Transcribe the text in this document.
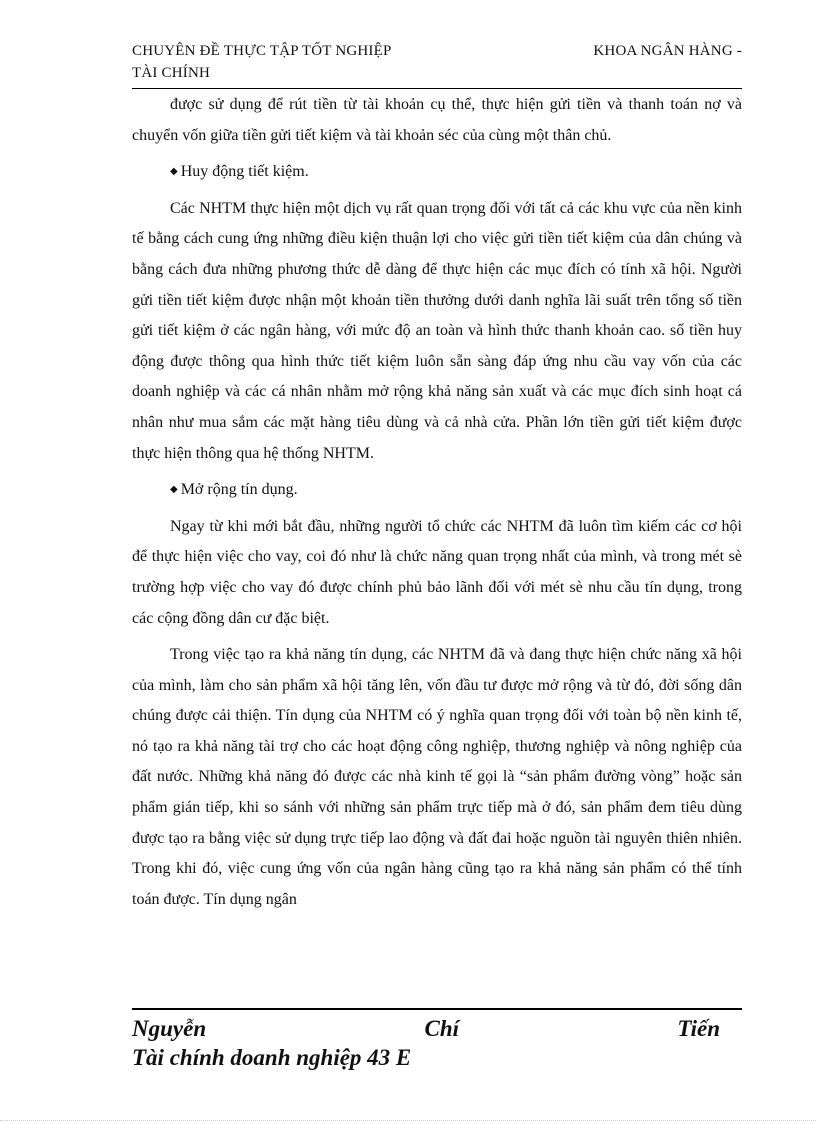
CHUYÊN ĐỀ THỰC TẬP TỐT NGHIỆP	KHOA NGÂN HÀNG -
TÀI CHÍNH

được sử dụng để rút tiền từ tài khoản cụ thể, thực hiện gửi tiền và thanh toán nợ và chuyển vốn giữa tiền gửi tiết kiệm và tài khoản séc của cùng một thân chủ.

◆ Huy động tiết kiệm.

Các NHTM thực hiện một dịch vụ rất quan trọng đối với tất cả các khu vực của nền kinh tế bằng cách cung ứng những điều kiện thuận lợi cho việc gửi tiền tiết kiệm của dân chúng và bằng cách đưa những phương thức dễ dàng để thực hiện các mục đích có tính xã hội. Người gửi tiền tiết kiệm được nhận một khoản tiền thưởng dưới danh nghĩa lãi suất trên tổng số tiền gửi tiết kiệm ở các ngân hàng, với mức độ an toàn và hình thức thanh khoản cao. số tiền huy động được thông qua hình thức tiết kiệm luôn sẵn sàng đáp ứng nhu cầu vay vốn của các doanh nghiệp và các cá nhân nhằm mở rộng khả năng sản xuất và các mục đích sinh hoạt cá nhân như mua sắm các mặt hàng tiêu dùng và cả nhà cửa. Phần lớn tiền gửi tiết kiệm được thực hiện thông qua hệ thống NHTM.

◆ Mở rộng tín dụng.

Ngay từ khi mới bắt đầu, những người tổ chức các NHTM đã luôn tìm kiếm các cơ hội để thực hiện việc cho vay, coi đó như là chức năng quan trọng nhất của mình, và trong mét sè trường hợp việc cho vay đó được chính phủ bảo lãnh đối với mét sè nhu cầu tín dụng, trong các cộng đồng dân cư đặc biệt.

Trong việc tạo ra khả năng tín dụng, các NHTM đã và đang thực hiện chức năng xã hội của mình, làm cho sản phẩm xã hội tăng lên, vốn đầu tư được mở rộng và từ đó, đời sống dân chúng được cải thiện. Tín dụng của NHTM có ý nghĩa quan trọng đối với toàn bộ nền kinh tế, nó tạo ra khả năng tài trợ cho các hoạt động công nghiệp, thương nghiệp và nông nghiệp của đất nước. Những khả năng đó được các nhà kinh tế gọi là “sản phẩm đường vòng” hoặc sản phẩm gián tiếp, khi so sánh với những sản phẩm trực tiếp mà ở đó, sản phẩm đem tiêu dùng được tạo ra bằng việc sử dụng trực tiếp lao động và đất đai hoặc nguồn tài nguyên thiên nhiên. Trong khi đó, việc cung ứng vốn của ngân hàng cũng tạo ra khả năng sản phẩm có thể tính toán được. Tín dụng ngân

Nguyễn	Chí	Tiến
Tài chính doanh nghiệp 43 E
